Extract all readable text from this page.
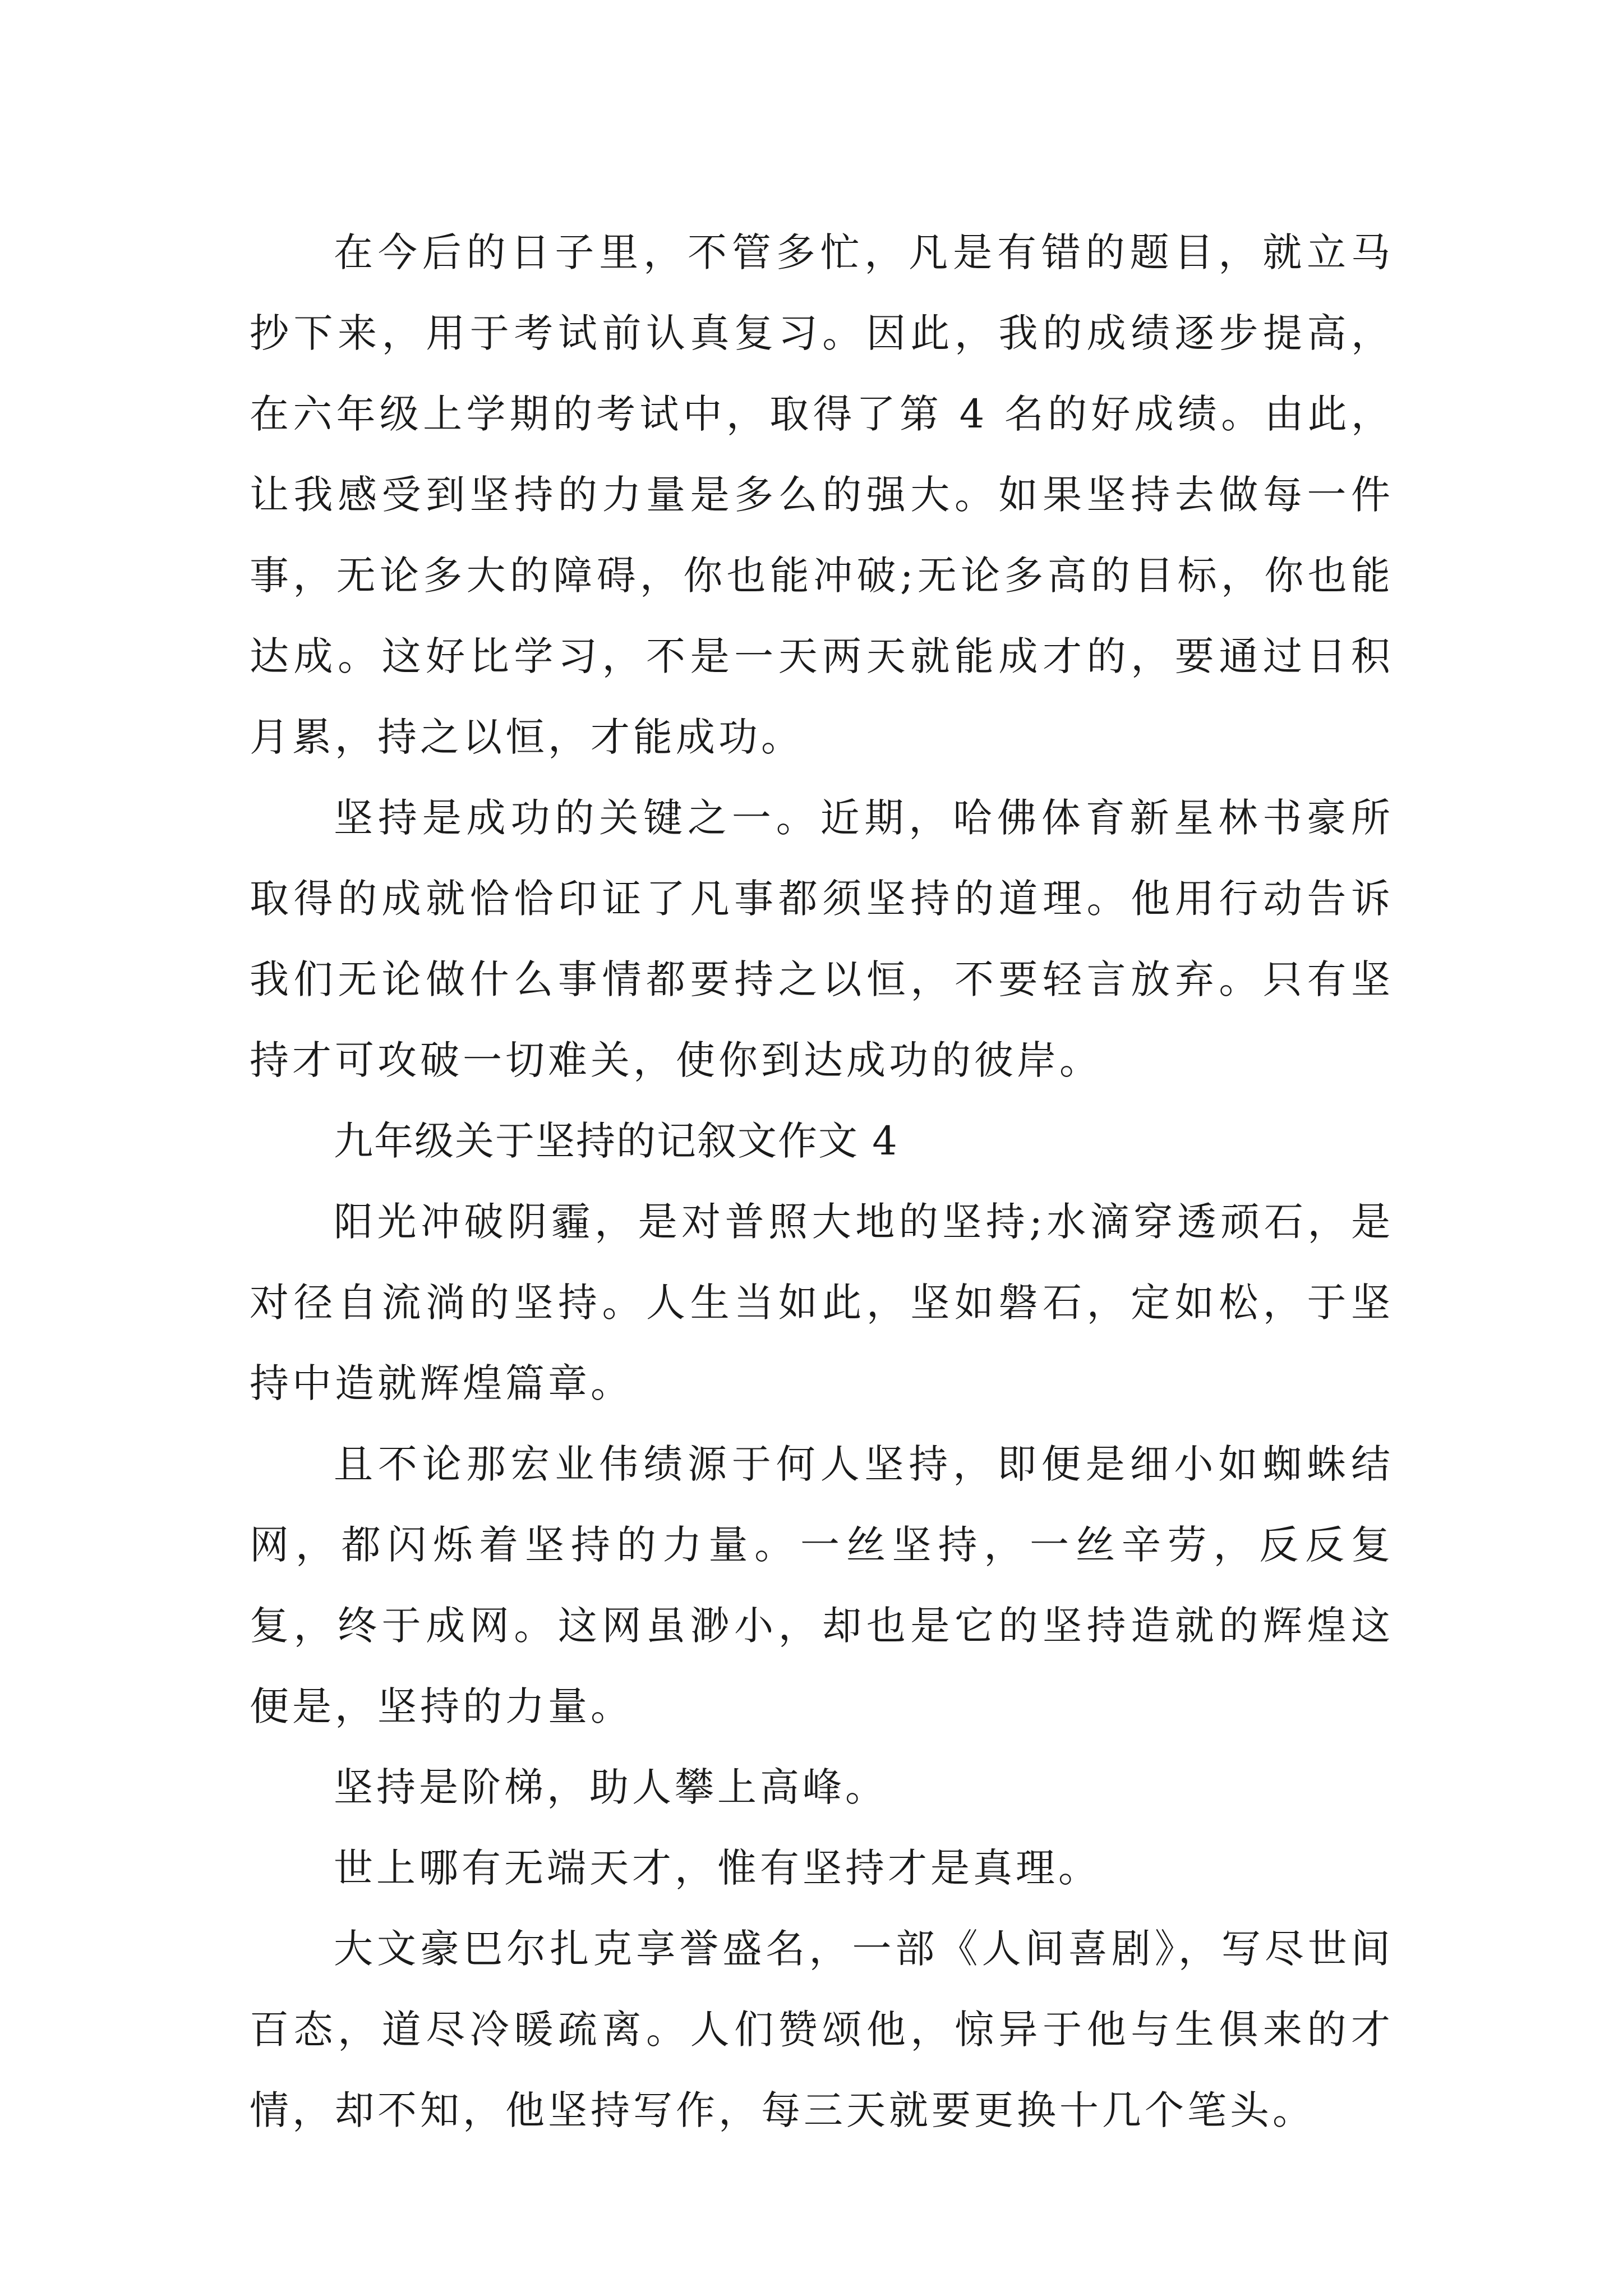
在今后的日子里，不管多忙，凡是有错的题目，就立马抄下来，用于考试前认真复习。因此，我的成绩逐步提高，在六年级上学期的考试中，取得了第 4 名的好成绩。由此，让我感受到坚持的力量是多么的强大。如果坚持去做每一件事，无论多大的障碍，你也能冲破;无论多高的目标，你也能达成。这好比学习，不是一天两天就能成才的，要通过日积月累，持之以恒，才能成功。

坚持是成功的关键之一。近期，哈佛体育新星林书豪所取得的成就恰恰印证了凡事都须坚持的道理。他用行动告诉我们无论做什么事情都要持之以恒，不要轻言放弃。只有坚持才可攻破一切难关，使你到达成功的彼岸。

九年级关于坚持的记叙文作文 4

阳光冲破阴霾，是对普照大地的坚持;水滴穿透顽石，是对径自流淌的坚持。人生当如此，坚如磐石，定如松，于坚持中造就辉煌篇章。

且不论那宏业伟绩源于何人坚持，即便是细小如蜘蛛结网，都闪烁着坚持的力量。一丝坚持，一丝辛劳，反反复复，终于成网。这网虽渺小，却也是它的坚持造就的辉煌这便是，坚持的力量。

坚持是阶梯，助人攀上高峰。

世上哪有无端天才，惟有坚持才是真理。

大文豪巴尔扎克享誉盛名，一部《人间喜剧》，写尽世间百态，道尽冷暖疏离。人们赞颂他，惊异于他与生俱来的才情，却不知，他坚持写作，每三天就要更换十几个笔头。
